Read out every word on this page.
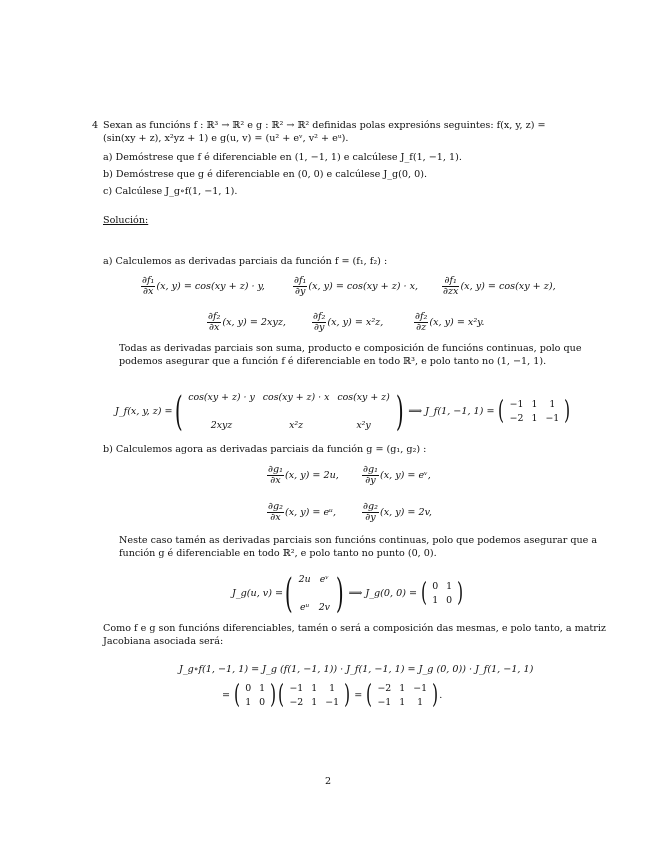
4 Sexan as funcións f : ℝ³ → ℝ² e g : ℝ² → ℝ² definidas polas expresións seguintes: f(x, y, z) =
(sin(xy + z), x²yz + 1) e g(u, v) = (u² + eᵛ, v² + eᵘ).
a) Demóstrese que f é diferenciable en (1, −1, 1) e calcúlese J_f(1, −1, 1).
b) Demóstrese que g é diferenciable en (0, 0) e calcúlese J_g(0, 0).
c) Calcúlese J_g∘f(1, −1, 1).
Solución:
a) Calculemos as derivadas parciais da función f = (f₁, f₂) :
$\frac{\text{∂f₁}}{\partial x} (x$, y) = cos(xy + z) · y,	$\frac{\text{∂f₁}}{\partial y} (x$, y) = cos(xy + z) · x, $\frac{\text{∂f₁}}{\partial zx} (x$, y) = cos(xy + z),
$\frac{\text{∂f₂}}{\partial x} (x$, y) = 2xyz,	$\frac{\text{∂f₂}}{\partial y} (x$, y) = x²z,	$\frac{\text{∂f₂}}{\partial z} (x$, y) = x²y.
Todas as derivadas parciais son suma, producto e composición de funcións continuas, polo que
podemos asegurar que a función f é diferenciable en todo ℝ³, e polo tanto no (1, −1, 1).
J_f(x, y, z) = ( cos(xy + z) · y	cos(xy + z) · x	cos(xy + z)
2xyz	x²z	x²y ) ⟹ J_f(1, −1, 1) = ( −1	1	1
−2	1	−1 )
b) Calculemos agora as derivadas parciais da función g = (g₁, g₂) :
$\frac{\text{∂g₁}}{\partial x} (x$, y) = 2u, $\frac{\text{∂g₁}}{\partial y} (x$, y) = eᵛ,
$\frac{\text{∂g₂}}{\partial x} (x$, y) = eᵘ,	$\frac{\text{∂g₂}}{\partial y} (x$, y) = 2v,
Neste caso tamén as derivadas parciais son funcións continuas, polo que podemos asegurar que a
función g é diferenciable en todo ℝ², e polo tanto no punto (0, 0).
J_g(u, v) = ( 2u	eᵛ
eᵘ	2v ) ⟹ J_g(0, 0) = ( 0	1
1	0 )
Como f e g son funcións diferenciables, tamén o será a composición das mesmas, e polo tanto, a matriz
Jacobiana asociada será:
J_g∘f(1, −1, 1) = J_g (f(1, −1, 1)) · J_f(1, −1, 1) = J_g (0, 0)) · J_f(1, −1, 1)
= ( 0	1
1	0 ) ( −1	1	1
−2	1	−1 ) = ( −2	1	−1
−1	1	1 ) .
2
